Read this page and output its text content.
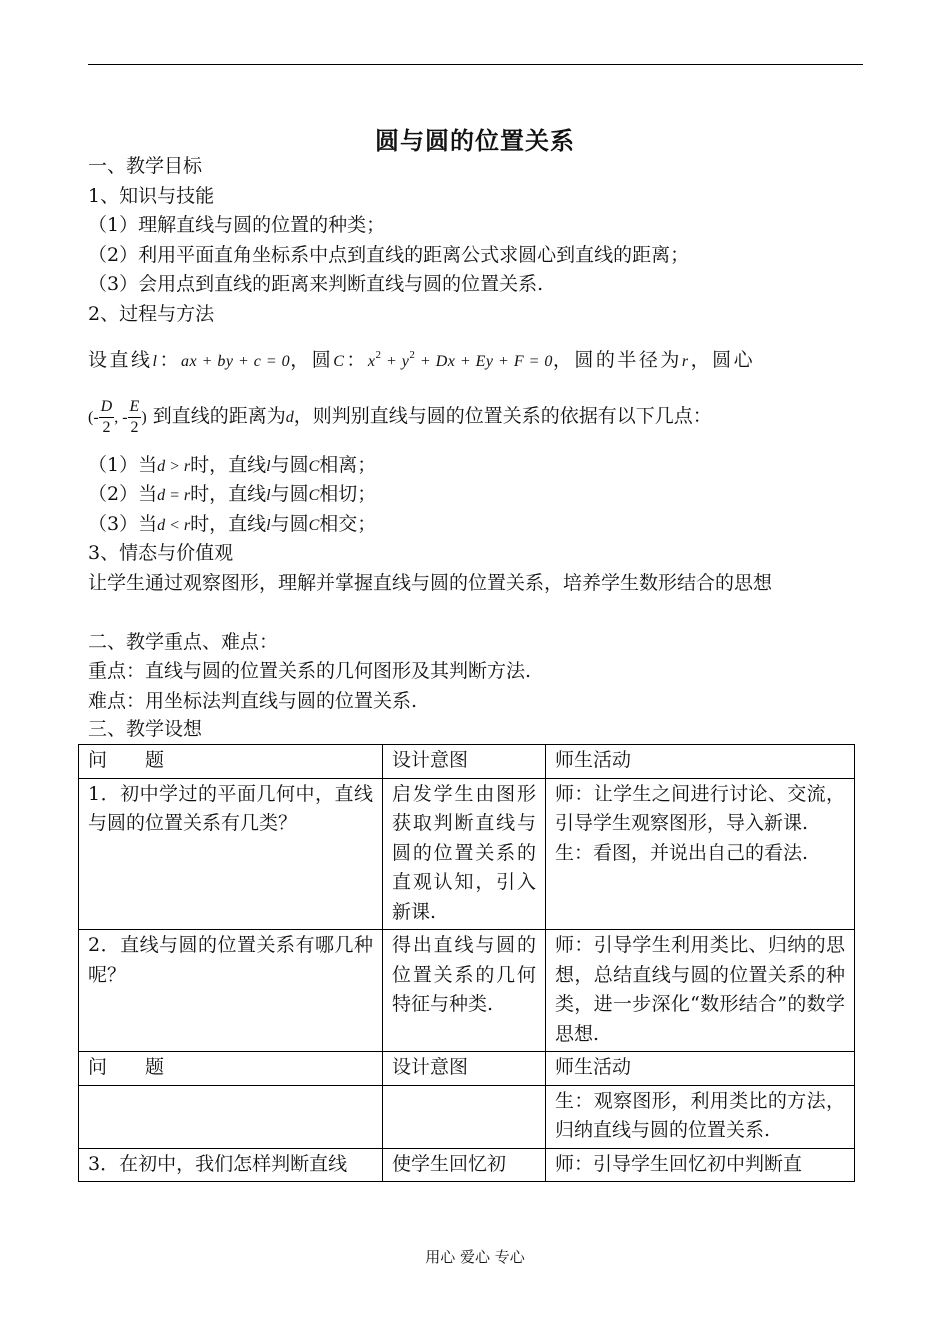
圆与圆的位置关系
一、教学目标
1、知识与技能
（1）理解直线与圆的位置的种类；
（2）利用平面直角坐标系中点到直线的距离公式求圆心到直线的距离；
（3）会用点到直线的距离来判断直线与圆的位置关系.
2、过程与方法
设直线l：ax + by + c = 0，圆C：$x^2 + y^2 + Dx + Ey + F = 0$，圆的半径为r，圆心
(- $\frac{D}{2}$ , - $\frac{E}{2}$ ) 到直线的距离为d，则判别直线与圆的位置关系的依据有以下几点：
（1）当d > r时，直线l与圆C相离；
（2）当d = r时，直线l与圆C相切；
（3）当d < r时，直线l与圆C相交；
3、情态与价值观
让学生通过观察图形，理解并掌握直线与圆的位置关系，培养学生数形结合的思想
二、教学重点、难点：
重点：直线与圆的位置关系的几何图形及其判断方法.
难点：用坐标法判直线与圆的位置关系.
三、教学设想
问　　题	设计意图	师生活动
1．初中学过的平面几何中，直线与圆的位置关系有几类？	启发学生由图形获取判断直线与圆的位置关系的直观认知，引入新课.	师：让学生之间进行讨论、交流，引导学生观察图形，导入新课.
生：看图，并说出自己的看法.
2．直线与圆的位置关系有哪几种呢？	得出直线与圆的位置关系的几何特征与种类.	师：引导学生利用类比、归纳的思想，总结直线与圆的位置关系的种类，进一步深化“数形结合”的数学思想.
问　　题	设计意图	师生活动
		生：观察图形，利用类比的方法，归纳直线与圆的位置关系.
3．在初中，我们怎样判断直线	使学生回忆初	师：引导学生回忆初中判断直
用心 爱心 专心
